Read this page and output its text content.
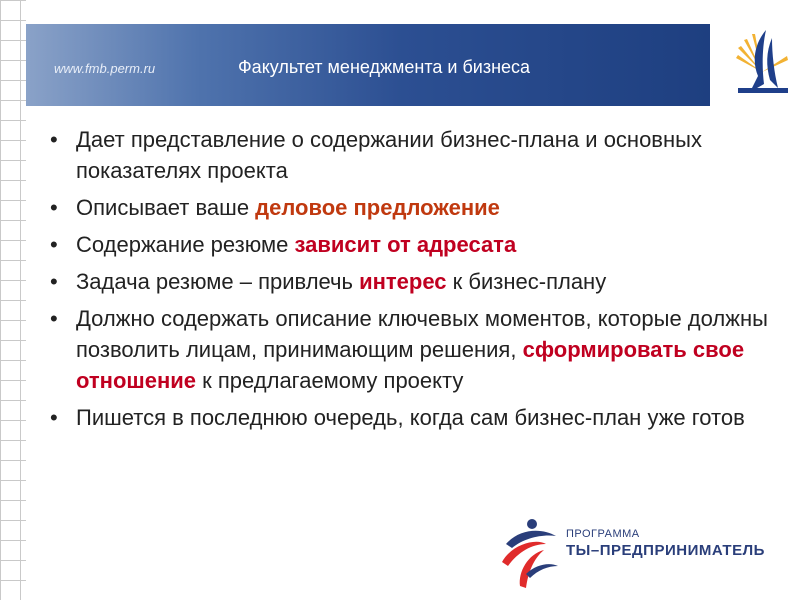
www.fmb.perm.ru	Факультет менеджмента и бизнеса
• Дает представление о содержании бизнес-плана и основных показателях проекта
• Описывает ваше деловое предложение
• Содержание резюме зависит от адресата
• Задача резюме – привлечь интерес к бизнес-плану
• Должно содержать описание ключевых моментов, которые должны позволить лицам, принимающим решения, сформировать свое отношение к предлагаемому проекту
• Пишется в последнюю очередь, когда сам бизнес-план уже готов
ПРОГРАММА
ТЫ–ПРЕДПРИНИМАТЕЛЬ
